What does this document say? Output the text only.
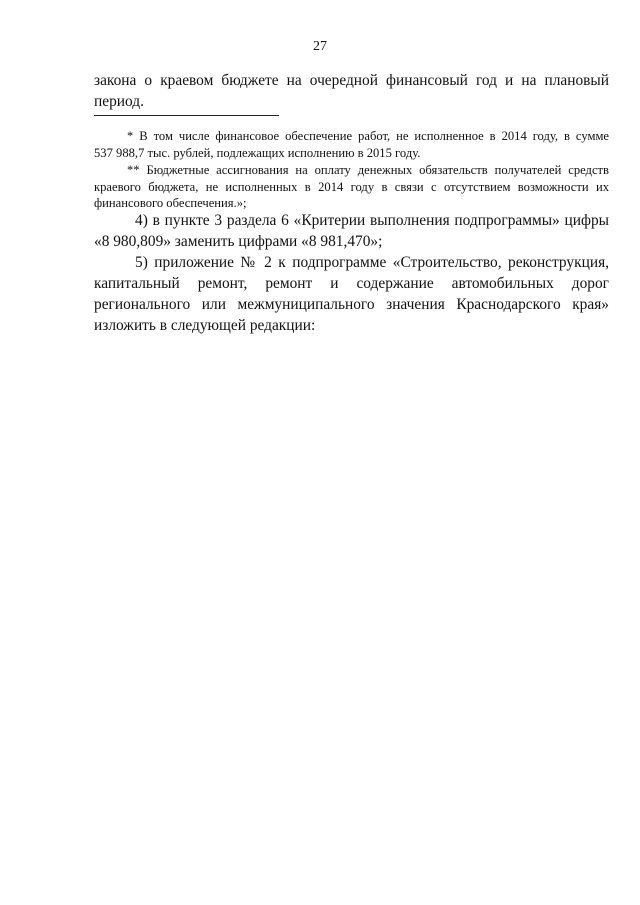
27
закона о краевом бюджете на очередной финансовый год и на плановый
период.
* В том числе финансовое обеспечение работ, не исполненное в 2014 году, в сумме
537 988,7 тыс. рублей, подлежащих исполнению в 2015 году.
** Бюджетные ассигнования на оплату денежных обязательств получателей средств
краевого бюджета, не исполненных в 2014 году в связи с отсутствием возможности их
финансового обеспечения.»;
4) в пункте 3 раздела 6 «Критерии выполнения подпрограммы» цифры
«8 980,809» заменить цифрами «8 981,470»;
5) приложение № 2 к подпрограмме «Строительство, реконструкция,
капитальный ремонт, ремонт и содержание автомобильных дорог
регионального или межмуниципального значения Краснодарского края»
изложить в следующей редакции:
